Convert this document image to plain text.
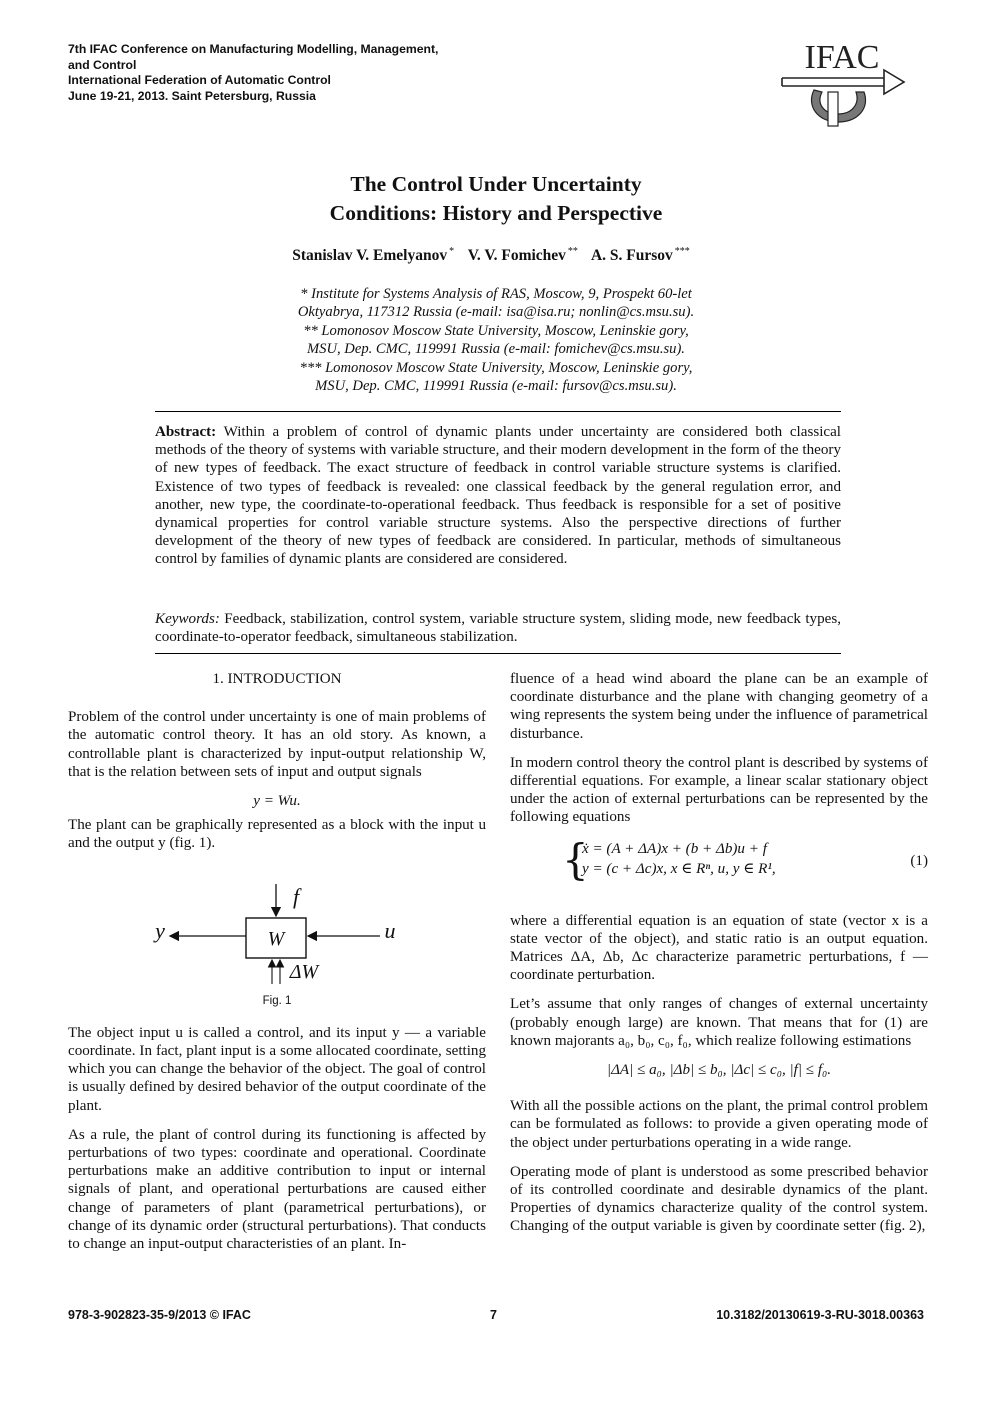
7th IFAC Conference on Manufacturing Modelling, Management,
and Control
International Federation of Automatic Control
June 19-21, 2013. Saint Petersburg, Russia
IFAC
The Control Under Uncertainty
Conditions: History and Perspective
Stanislav V. Emelyanov * V. V. Fomichev ** A. S. Fursov ***
* Institute for Systems Analysis of RAS, Moscow, 9, Prospekt 60-let
Oktyabrya, 117312 Russia (e-mail: isa@isa.ru; nonlin@cs.msu.su).
** Lomonosov Moscow State University, Moscow, Leninskie gory,
MSU, Dep. CMC, 119991 Russia (e-mail: fomichev@cs.msu.su).
*** Lomonosov Moscow State University, Moscow, Leninskie gory,
MSU, Dep. CMC, 119991 Russia (e-mail: fursov@cs.msu.su).
Abstract: Within a problem of control of dynamic plants under uncertainty are considered both classical methods of the theory of systems with variable structure, and their modern development in the form of the theory of new types of feedback. The exact structure of feedback in control variable structure systems is clarified. Existence of two types of feedback is revealed: one classical feedback by the general regulation error, and another, new type, the coordinate-to-operational feedback. Thus feedback is responsible for a set of positive dynamical properties for control variable structure systems. Also the perspective directions of further development of the theory of new types of feedback are considered. In particular, methods of simultaneous control by families of dynamic plants are considered are considered.
Keywords: Feedback, stabilization, control system, variable structure system, sliding mode, new feedback types, coordinate-to-operator feedback, simultaneous stabilization.
1. INTRODUCTION

Problem of the control under uncertainty is one of main problems of the automatic control theory. It has an old story. As known, a controllable plant is characterized by input-output relationship W, that is the relation between sets of input and output signals

y = Wu.

The plant can be graphically represented as a block with the input u and the output y (fig. 1).

W
y	u
f
ΔW
Fig. 1

The object input u is called a control, and its input y — a variable coordinate. In fact, plant input is a some allocated coordinate, setting which you can change the behavior of the object. The goal of control is usually defined by desired behavior of the output coordinate of the plant.

As a rule, the plant of control during its functioning is affected by perturbations of two types: coordinate and operational. Coordinate perturbations make an additive contribution to input or internal signals of plant, and operational perturbations are caused either change of parameters of plant (parametrical perturbations), or change of its dynamic order (structural perturbations). That conducts to change an input-output characteristies of an plant. In-

fluence of a head wind aboard the plane can be an example of coordinate disturbance and the plane with changing geometry of a wing represents the system being under the influence of parametrical disturbance.

In modern control theory the control plant is described by systems of differential equations. For example, a linear scalar stationary object under the action of external perturbations can be represented by the following equations

{
ẋ = (A + ΔA)x + (b + Δb)u + f
y = (c + Δc)x, x ∈ Rⁿ, u, y ∈ R¹,	(1)

where a differential equation is an equation of state (vector x is a state vector of the object), and static ratio is an output equation. Matrices ΔA, Δb, Δc characterize parametric perturbations, f — coordinate perturbation.

Let’s assume that only ranges of changes of external uncertainty (probably enough large) are known. That means that for (1) are known majorants a₀, b₀, c₀, f₀, which realize following estimations

|ΔA| ≤ a₀, |Δb| ≤ b₀, |Δc| ≤ c₀, |f| ≤ f₀.

With all the possible actions on the plant, the primal control problem can be formulated as follows: to provide a given operating mode of the object under perturbations operating in a wide range.

Operating mode of plant is understood as some prescribed behavior of its controlled coordinate and desirable dynamics of the plant. Properties of dynamics characterize quality of the control system. Changing of the output variable is given by coordinate setter (fig. 2),

978-3-902823-35-9/2013 © IFAC	7	10.3182/20130619-3-RU-3018.00363
